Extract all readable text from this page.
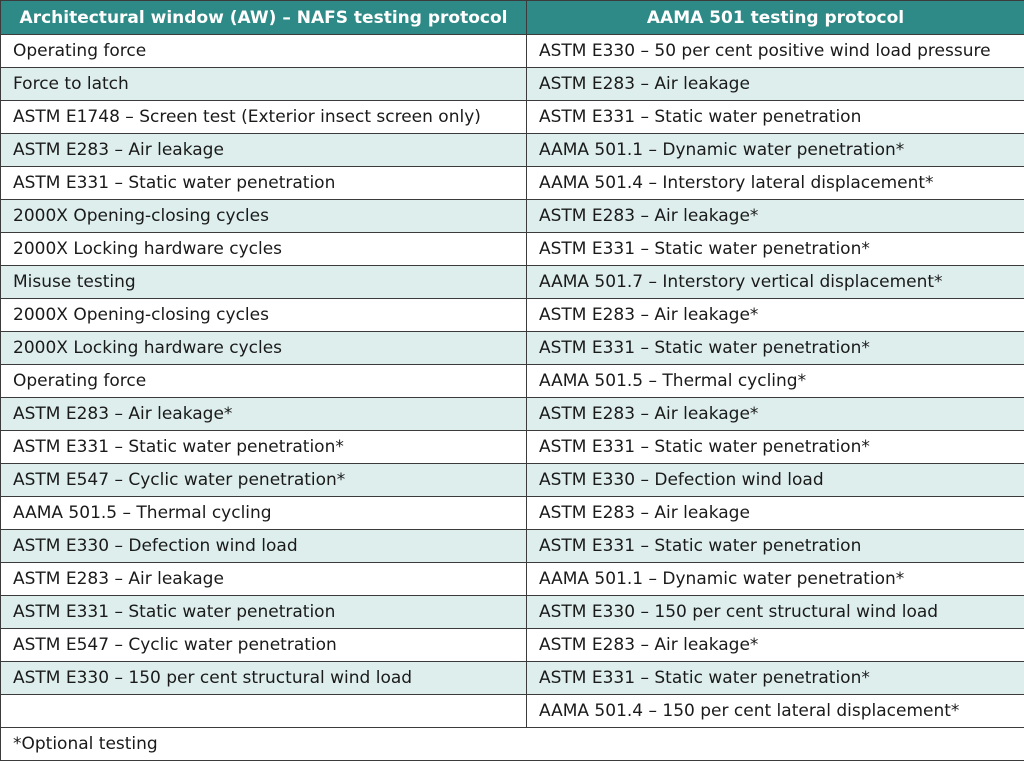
Architectural window (AW) – NAFS testing protocol	AAMA 501 testing protocol
Operating force	ASTM E330 – 50 per cent positive wind load pressure
Force to latch	ASTM E283 – Air leakage
ASTM E1748 – Screen test (Exterior insect screen only)	ASTM E331 – Static water penetration
ASTM E283 – Air leakage	AAMA 501.1 – Dynamic water penetration*
ASTM E331 – Static water penetration	AAMA 501.4 – Interstory lateral displacement*
2000X Opening-closing cycles	ASTM E283 – Air leakage*
2000X Locking hardware cycles	ASTM E331 – Static water penetration*
Misuse testing	AAMA 501.7 – Interstory vertical displacement*
2000X Opening-closing cycles	ASTM E283 – Air leakage*
2000X Locking hardware cycles	ASTM E331 – Static water penetration*
Operating force	AAMA 501.5 – Thermal cycling*
ASTM E283 – Air leakage*	ASTM E283 – Air leakage*
ASTM E331 – Static water penetration*	ASTM E331 – Static water penetration*
ASTM E547 – Cyclic water penetration*	ASTM E330 – Defection wind load
AAMA 501.5 – Thermal cycling	ASTM E283 – Air leakage
ASTM E330 – Defection wind load	ASTM E331 – Static water penetration
ASTM E283 – Air leakage	AAMA 501.1 – Dynamic water penetration*
ASTM E331 – Static water penetration	ASTM E330 – 150 per cent structural wind load
ASTM E547 – Cyclic water penetration	ASTM E283 – Air leakage*
ASTM E330 – 150 per cent structural wind load	ASTM E331 – Static water penetration*
	AAMA 501.4 – 150 per cent lateral displacement*
*Optional testing	
